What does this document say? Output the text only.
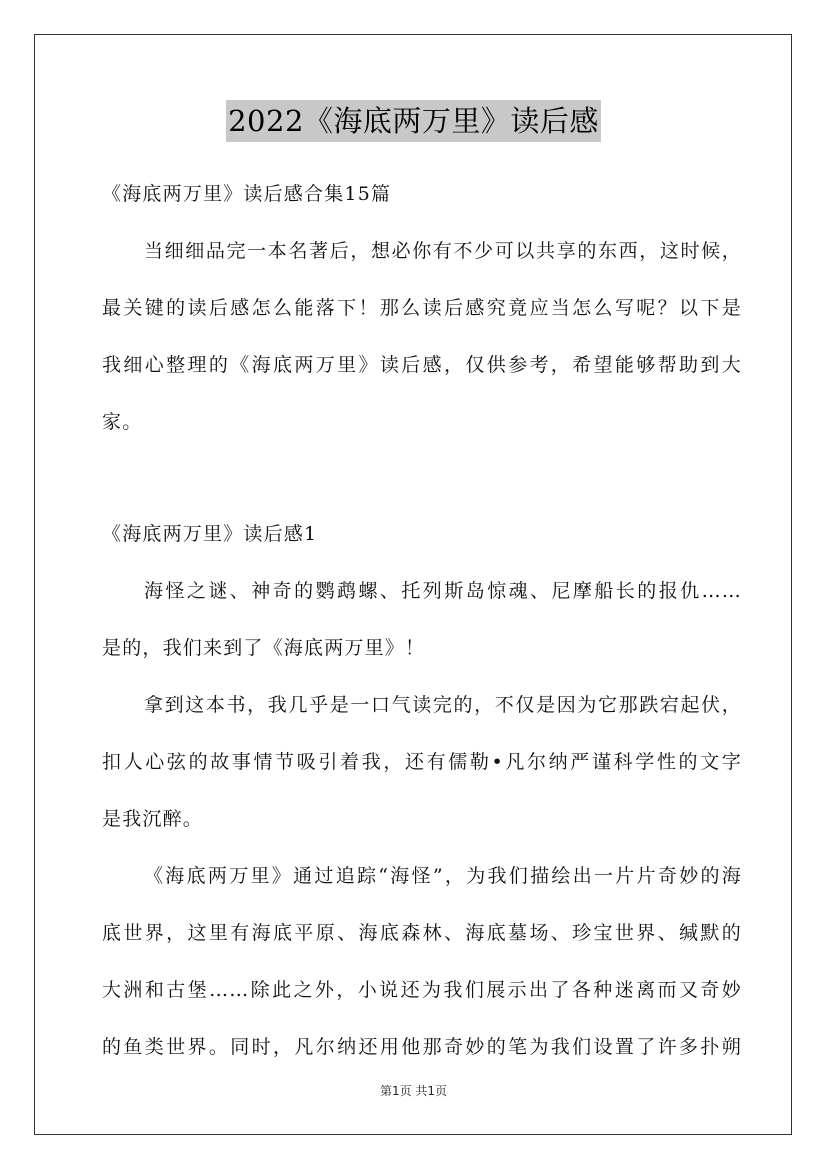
2022《海底两万里》读后感
《海底两万里》读后感合集15篇
当细细品完一本名著后，想必你有不少可以共享的东西，这时候，
最关键的读后感怎么能落下！那么读后感究竟应当怎么写呢？以下是
我细心整理的《海底两万里》读后感，仅供参考，希望能够帮助到大
家。
《海底两万里》读后感1
海怪之谜、神奇的鹦鹉螺、托列斯岛惊魂、尼摩船长的报仇……
是的，我们来到了《海底两万里》！
拿到这本书，我几乎是一口气读完的，不仅是因为它那跌宕起伏，
扣人心弦的故事情节吸引着我，还有儒勒•凡尔纳严谨科学性的文字
是我沉醉。
《海底两万里》通过追踪“海怪”，为我们描绘出一片片奇妙的海
底世界，这里有海底平原、海底森林、海底墓场、珍宝世界、缄默的
大洲和古堡……除此之外，小说还为我们展示出了各种迷离而又奇妙
的鱼类世界。同时，凡尔纳还用他那奇妙的笔为我们设置了许多扑朔
第1页 共1页
